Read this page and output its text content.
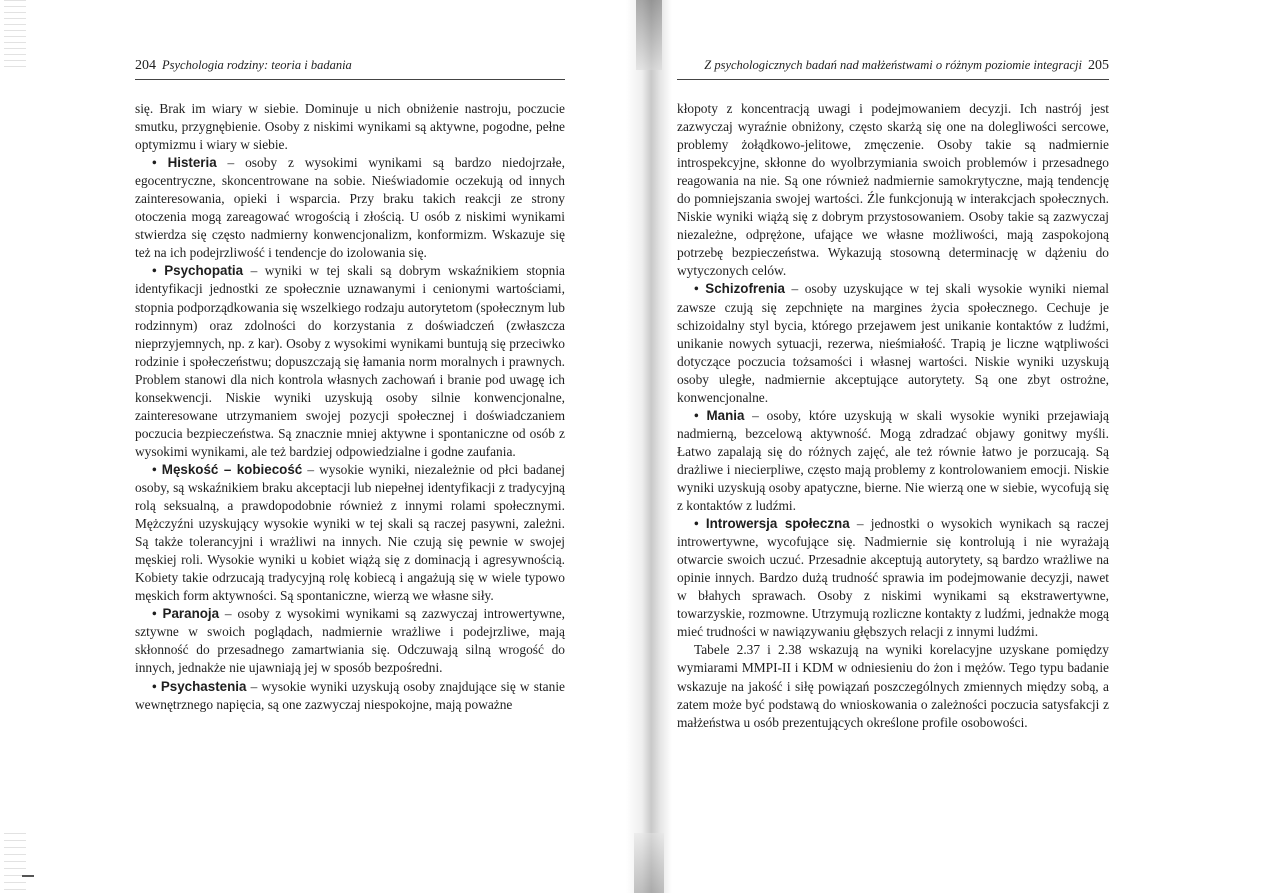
204 Psychologia rodziny: teoria i badania

się. Brak im wiary w siebie. Dominuje u nich obniżenie nastroju, poczucie smutku, przygnębienie. Osoby z niskimi wynikami są aktywne, pogodne, pełne optymizmu i wiary w siebie.

• Histeria – osoby z wysokimi wynikami są bardzo niedojrzałe, egocentryczne, skoncentrowane na sobie. Nieświadomie oczekują od innych zainteresowania, opieki i wsparcia. Przy braku takich reakcji ze strony otoczenia mogą zareagować wrogością i złością. U osób z niskimi wynikami stwierdza się często nadmierny konwencjonalizm, konformizm. Wskazuje się też na ich podejrzliwość i tendencje do izolowania się.

• Psychopatia – wyniki w tej skali są dobrym wskaźnikiem stopnia identyfikacji jednostki ze społecznie uznawanymi i cenionymi wartościami, stopnia podporządkowania się wszelkiego rodzaju autorytetom (społecznym lub rodzinnym) oraz zdolności do korzystania z doświadczeń (zwłaszcza nieprzyjemnych, np. z kar). Osoby z wysokimi wynikami buntują się przeciwko rodzinie i społeczeństwu; dopuszczają się łamania norm moralnych i prawnych. Problem stanowi dla nich kontrola własnych zachowań i branie pod uwagę ich konsekwencji. Niskie wyniki uzyskują osoby silnie konwencjonalne, zainteresowane utrzymaniem swojej pozycji społecznej i doświadczaniem poczucia bezpieczeństwa. Są znacznie mniej aktywne i spontaniczne od osób z wysokimi wynikami, ale też bardziej odpowiedzialne i godne zaufania.

• Męskość – kobiecość – wysokie wyniki, niezależnie od płci badanej osoby, są wskaźnikiem braku akceptacji lub niepełnej identyfikacji z tradycyjną rolą seksualną, a prawdopodobnie również z innymi rolami społecznymi. Mężczyźni uzyskujący wysokie wyniki w tej skali są raczej pasywni, zależni. Są także tolerancyjni i wrażliwi na innych. Nie czują się pewnie w swojej męskiej roli. Wysokie wyniki u kobiet wiążą się z dominacją i agresywnością. Kobiety takie odrzucają tradycyjną rolę kobiecą i angażują się w wiele typowo męskich form aktywności. Są spontaniczne, wierzą we własne siły.

• Paranoja – osoby z wysokimi wynikami są zazwyczaj introwertywne, sztywne w swoich poglądach, nadmiernie wrażliwe i podejrzliwe, mają skłonność do przesadnego zamartwiania się. Odczuwają silną wrogość do innych, jednakże nie ujawniają jej w sposób bezpośredni.

• Psychastenia – wysokie wyniki uzyskują osoby znajdujące się w stanie wewnętrznego napięcia, są one zazwyczaj niespokojne, mają poważne

Z psychologicznych badań nad małżeństwami o różnym poziomie integracji 205

kłopoty z koncentracją uwagi i podejmowaniem decyzji. Ich nastrój jest zazwyczaj wyraźnie obniżony, często skarżą się one na dolegliwości sercowe, problemy żołądkowo-jelitowe, zmęczenie. Osoby takie są nadmiernie introspekcyjne, skłonne do wyolbrzymiania swoich problemów i przesadnego reagowania na nie. Są one również nadmiernie samokrytyczne, mają tendencję do pomniejszania swojej wartości. Źle funkcjonują w interakcjach społecznych. Niskie wyniki wiążą się z dobrym przystosowaniem. Osoby takie są zazwyczaj niezależne, odprężone, ufające we własne możliwości, mają zaspokojoną potrzebę bezpieczeństwa. Wykazują stosowną determinację w dążeniu do wytyczonych celów.

• Schizofrenia – osoby uzyskujące w tej skali wysokie wyniki niemal zawsze czują się zepchnięte na margines życia społecznego. Cechuje je schizoidalny styl bycia, którego przejawem jest unikanie kontaktów z ludźmi, unikanie nowych sytuacji, rezerwa, nieśmiałość. Trapią je liczne wątpliwości dotyczące poczucia tożsamości i własnej wartości. Niskie wyniki uzyskują osoby uległe, nadmiernie akceptujące autorytety. Są one zbyt ostrożne, konwencjonalne.

• Mania – osoby, które uzyskują w skali wysokie wyniki przejawiają nadmierną, bezcelową aktywność. Mogą zdradzać objawy gonitwy myśli. Łatwo zapalają się do różnych zajęć, ale też równie łatwo je porzucają. Są drażliwe i niecierpliwe, często mają problemy z kontrolowaniem emocji. Niskie wyniki uzyskują osoby apatyczne, bierne. Nie wierzą one w siebie, wycofują się z kontaktów z ludźmi.

• Introwersja społeczna – jednostki o wysokich wynikach są raczej introwertywne, wycofujące się. Nadmiernie się kontrolują i nie wyrażają otwarcie swoich uczuć. Przesadnie akceptują autorytety, są bardzo wrażliwe na opinie innych. Bardzo dużą trudność sprawia im podejmowanie decyzji, nawet w błahych sprawach. Osoby z niskimi wynikami są ekstrawertywne, towarzyskie, rozmowne. Utrzymują rozliczne kontakty z ludźmi, jednakże mogą mieć trudności w nawiązywaniu głębszych relacji z innymi ludźmi.

Tabele 2.37 i 2.38 wskazują na wyniki korelacyjne uzyskane pomiędzy wymiarami MMPI-II i KDM w odniesieniu do żon i mężów. Tego typu badanie wskazuje na jakość i siłę powiązań poszczególnych zmiennych między sobą, a zatem może być podstawą do wnioskowania o zależności poczucia satysfakcji z małżeństwa u osób prezentujących określone profile osobowości.
